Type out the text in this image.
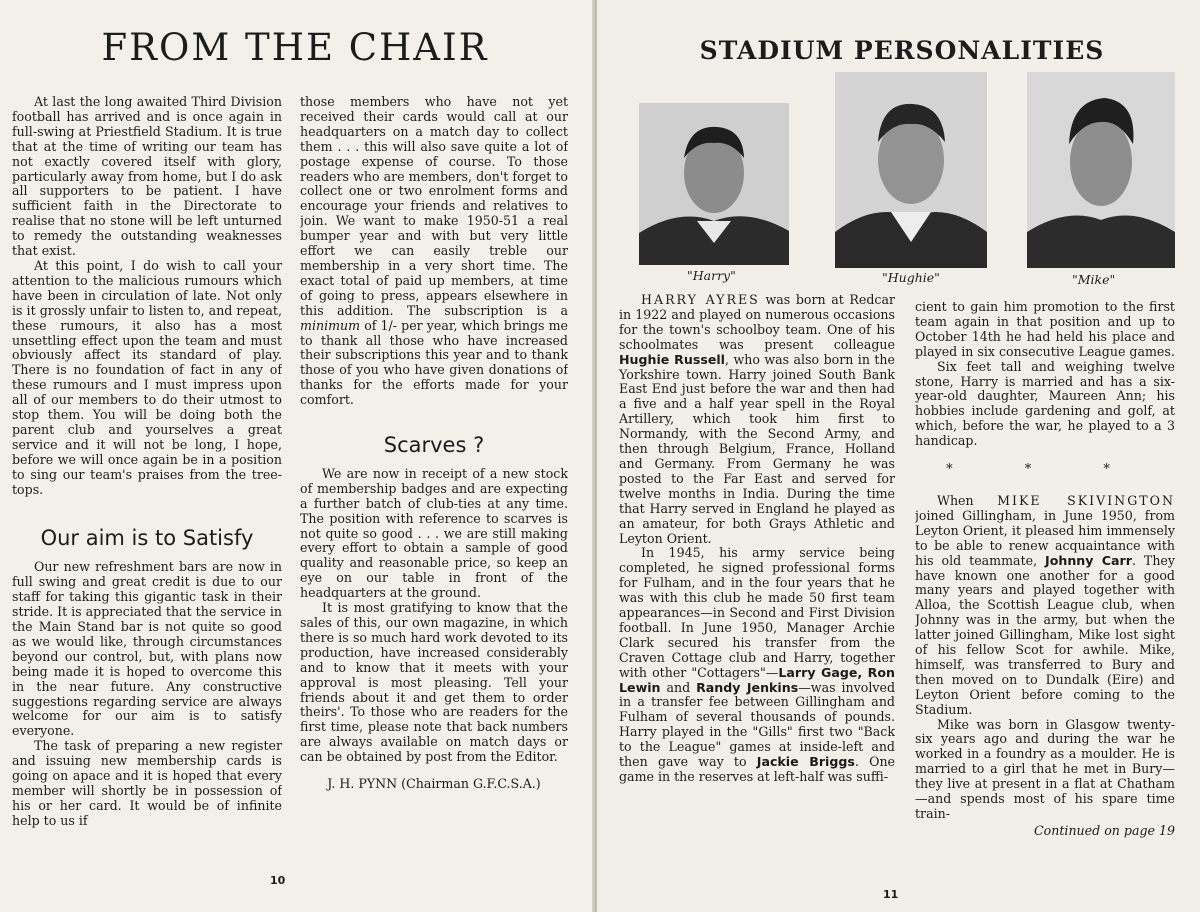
FROM THE CHAIR

At last the long awaited Third Division football has arrived and is once again in full-swing at Priestfield Stadium. It is true that at the time of writing our team has not exactly covered itself with glory, particularly away from home, but I do ask all supporters to be patient. I have sufficient faith in the Directorate to realise that no stone will be left unturned to remedy the outstanding weaknesses that exist.

At this point, I do wish to call your attention to the malicious rumours which have been in circulation of late. Not only is it grossly unfair to listen to, and repeat, these rumours, it also has a most unsettling effect upon the team and must obviously affect its standard of play. There is no foundation of fact in any of these rumours and I must impress upon all of our members to do their utmost to stop them. You will be doing both the parent club and yourselves a great service and it will not be long, I hope, before we will once again be in a position to sing our team's praises from the tree-tops.

Our aim is to Satisfy

Our new refreshment bars are now in full swing and great credit is due to our staff for taking this gigantic task in their stride. It is appreciated that the service in the Main Stand bar is not quite so good as we would like, through circumstances beyond our control, but, with plans now being made it is hoped to overcome this in the near future. Any constructive suggestions regarding service are always welcome for our aim is to satisfy everyone.

The task of preparing a new register and issuing new membership cards is going on apace and it is hoped that every member will shortly be in possession of his or her card. It would be of infinite help to us if

those members who have not yet received their cards would call at our headquarters on a match day to collect them . . . this will also save quite a lot of postage expense of course. To those readers who are members, don't forget to collect one or two enrolment forms and encourage your friends and relatives to join. We want to make 1950-51 a real bumper year and with but very little effort we can easily treble our membership in a very short time. The exact total of paid up members, at time of going to press, appears elsewhere in this addition. The subscription is a minimum of 1/- per year, which brings me to thank all those who have increased their subscriptions this year and to thank those of you who have given donations of thanks for the efforts made for your comfort.

Scarves ?

We are now in receipt of a new stock of membership badges and are expecting a further batch of club-ties at any time. The position with reference to scarves is not quite so good . . . we are still making every effort to obtain a sample of good quality and reasonable price, so keep an eye on our table in front of the headquarters at the ground.

It is most gratifying to know that the sales of this, our own magazine, in which there is so much hard work devoted to its production, have increased considerably and to know that it meets with your approval is most pleasing. Tell your friends about it and get them to order theirs'. To those who are readers for the first time, please note that back numbers are always available on match days or can be obtained by post from the Editor.

J. H. PYNN (Chairman G.F.C.S.A.)
10
STADIUM PERSONALITIES
"Harry"	"Hughie"	"Mike"

HARRY AYRES was born at Redcar in 1922 and played on numerous occasions for the town's schoolboy team. One of his schoolmates was present colleague Hughie Russell, who was also born in the Yorkshire town. Harry joined South Bank East End just before the war and then had a five and a half year spell in the Royal Artillery, which took him first to Normandy, with the Second Army, and then through Belgium, France, Holland and Germany. From Germany he was posted to the Far East and served for twelve months in India. During the time that Harry served in England he played as an amateur, for both Grays Athletic and Leyton Orient.

In 1945, his army service being completed, he signed professional forms for Fulham, and in the four years that he was with this club he made 50 first team appearances—in Second and First Division football. In June 1950, Manager Archie Clark secured his transfer from the Craven Cottage club and Harry, together with other "Cottagers"—Larry Gage, Ron Lewin and Randy Jenkins—was involved in a transfer fee between Gillingham and Fulham of several thousands of pounds. Harry played in the "Gills" first two "Back to the League" games at inside-left and then gave way to Jackie Briggs. One game in the reserves at left-half was suffi-

cient to gain him promotion to the first team again in that position and up to October 14th he had held his place and played in six consecutive League games.

Six feet tall and weighing twelve stone, Harry is married and has a six-year-old daughter, Maureen Ann; his hobbies include gardening and golf, at which, before the war, he played to a 3 handicap.

* * *

When MIKE SKIVINGTON joined Gillingham, in June 1950, from Leyton Orient, it pleased him immensely to be able to renew acquaintance with his old teammate, Johnny Carr. They have known one another for a good many years and played together with Alloa, the Scottish League club, when Johnny was in the army, but when the latter joined Gillingham, Mike lost sight of his fellow Scot for awhile. Mike, himself, was transferred to Bury and then moved on to Dundalk (Eire) and Leyton Orient before coming to the Stadium.

Mike was born in Glasgow twenty-six years ago and during the war he worked in a foundry as a moulder. He is married to a girl that he met in Bury—they live at present in a flat at Chatham—and spends most of his spare time train-

Continued on page 19
11
